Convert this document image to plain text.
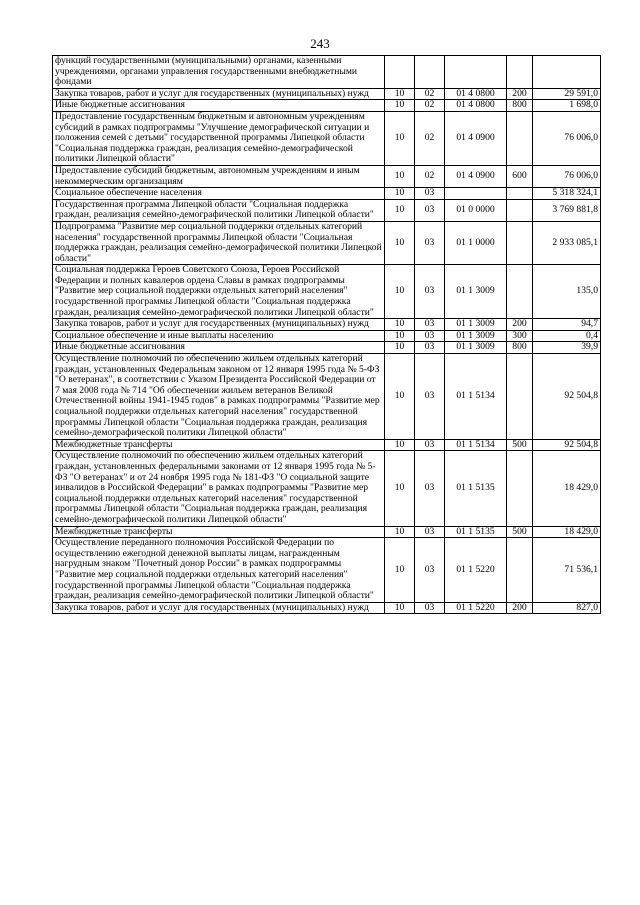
243
функций государственными (муниципальными) органами, казенными учреждениями, органами управления государственными внебюджетными фондами					
Закупка товаров, работ и услуг для государственных (муниципальных) нужд	10	02	01 4 0800	200	29 591,0
Иные бюджетные ассигнования	10	02	01 4 0800	800	1 698,0
Предоставление государственным бюджетным и автономным учреждениям субсидий в рамках подпрограммы "Улучшение демографической ситуации и положения семей с детьми" государственной программы Липецкой области "Социальная поддержка граждан, реализация семейно-демографической политики Липецкой области"	10	02	01 4 0900		76 006,0
Предоставление субсидий бюджетным, автономным учреждениям и иным некоммерческим организациям	10	02	01 4 0900	600	76 006,0
Социальное обеспечение населения	10	03			5 318 324,1
Государственная программа Липецкой области "Социальная поддержка граждан, реализация семейно-демографической политики Липецкой области"	10	03	01 0 0000		3 769 881,8
Подпрограмма "Развитие мер социальной поддержки отдельных категорий населения" государственной программы Липецкой области "Социальная поддержка граждан, реализация семейно-демографической политики Липецкой области"	10	03	01 1 0000		2 933 085,1
Социальная поддержка Героев Советского Союза, Героев Российской Федерации и полных кавалеров ордена Славы в рамках подпрограммы "Развитие мер социальной поддержки отдельных категорий населения" государственной программы Липецкой области "Социальная поддержка граждан, реализация семейно-демографической политики Липецкой области"	10	03	01 1 3009		135,0
Закупка товаров, работ и услуг для государственных (муниципальных) нужд	10	03	01 1 3009	200	94,7
Социальное обеспечение и иные выплаты населению	10	03	01 1 3009	300	0,4
Иные бюджетные ассигнования	10	03	01 1 3009	800	39,9
Осуществление полномочий по обеспечению жильем отдельных категорий граждан, установленных Федеральным законом от 12 января 1995 года № 5-ФЗ "О ветеранах", в соответствии с Указом Президента Российской Федерации от 7 мая 2008 года № 714 "Об обеспечении жильем ветеранов Великой Отечественной войны 1941-1945 годов" в рамках подпрограммы "Развитие мер социальной поддержки отдельных категорий населения" государственной программы Липецкой области "Социальная поддержка граждан, реализация семейно-демографической политики Липецкой области"	10	03	01 1 5134		92 504,8
Межбюджетные трансферты	10	03	01 1 5134	500	92 504,8
Осуществление полномочий по обеспечению жильем отдельных категорий граждан, установленных федеральными законами от 12 января 1995 года № 5-ФЗ "О ветеранах" и от 24 ноября 1995 года № 181-ФЗ "О социальной защите инвалидов в Российской Федерации" в рамках подпрограммы "Развитие мер социальной поддержки отдельных категорий населения" государственной программы Липецкой области "Социальная поддержка граждан, реализация семейно-демографической политики Липецкой области"	10	03	01 1 5135		18 429,0
Межбюджетные трансферты	10	03	01 1 5135	500	18 429,0
Осуществление переданного полномочия Российской Федерации по осуществлению ежегодной денежной выплаты лицам, награжденным нагрудным знаком "Почетный донор России" в рамках подпрограммы "Развитие мер социальной поддержки отдельных категорий населения" государственной программы Липецкой области "Социальная поддержка граждан, реализация семейно-демографической политики Липецкой области"	10	03	01 1 5220		71 536,1
Закупка товаров, работ и услуг для государственных (муниципальных) нужд	10	03	01 1 5220	200	827,0
